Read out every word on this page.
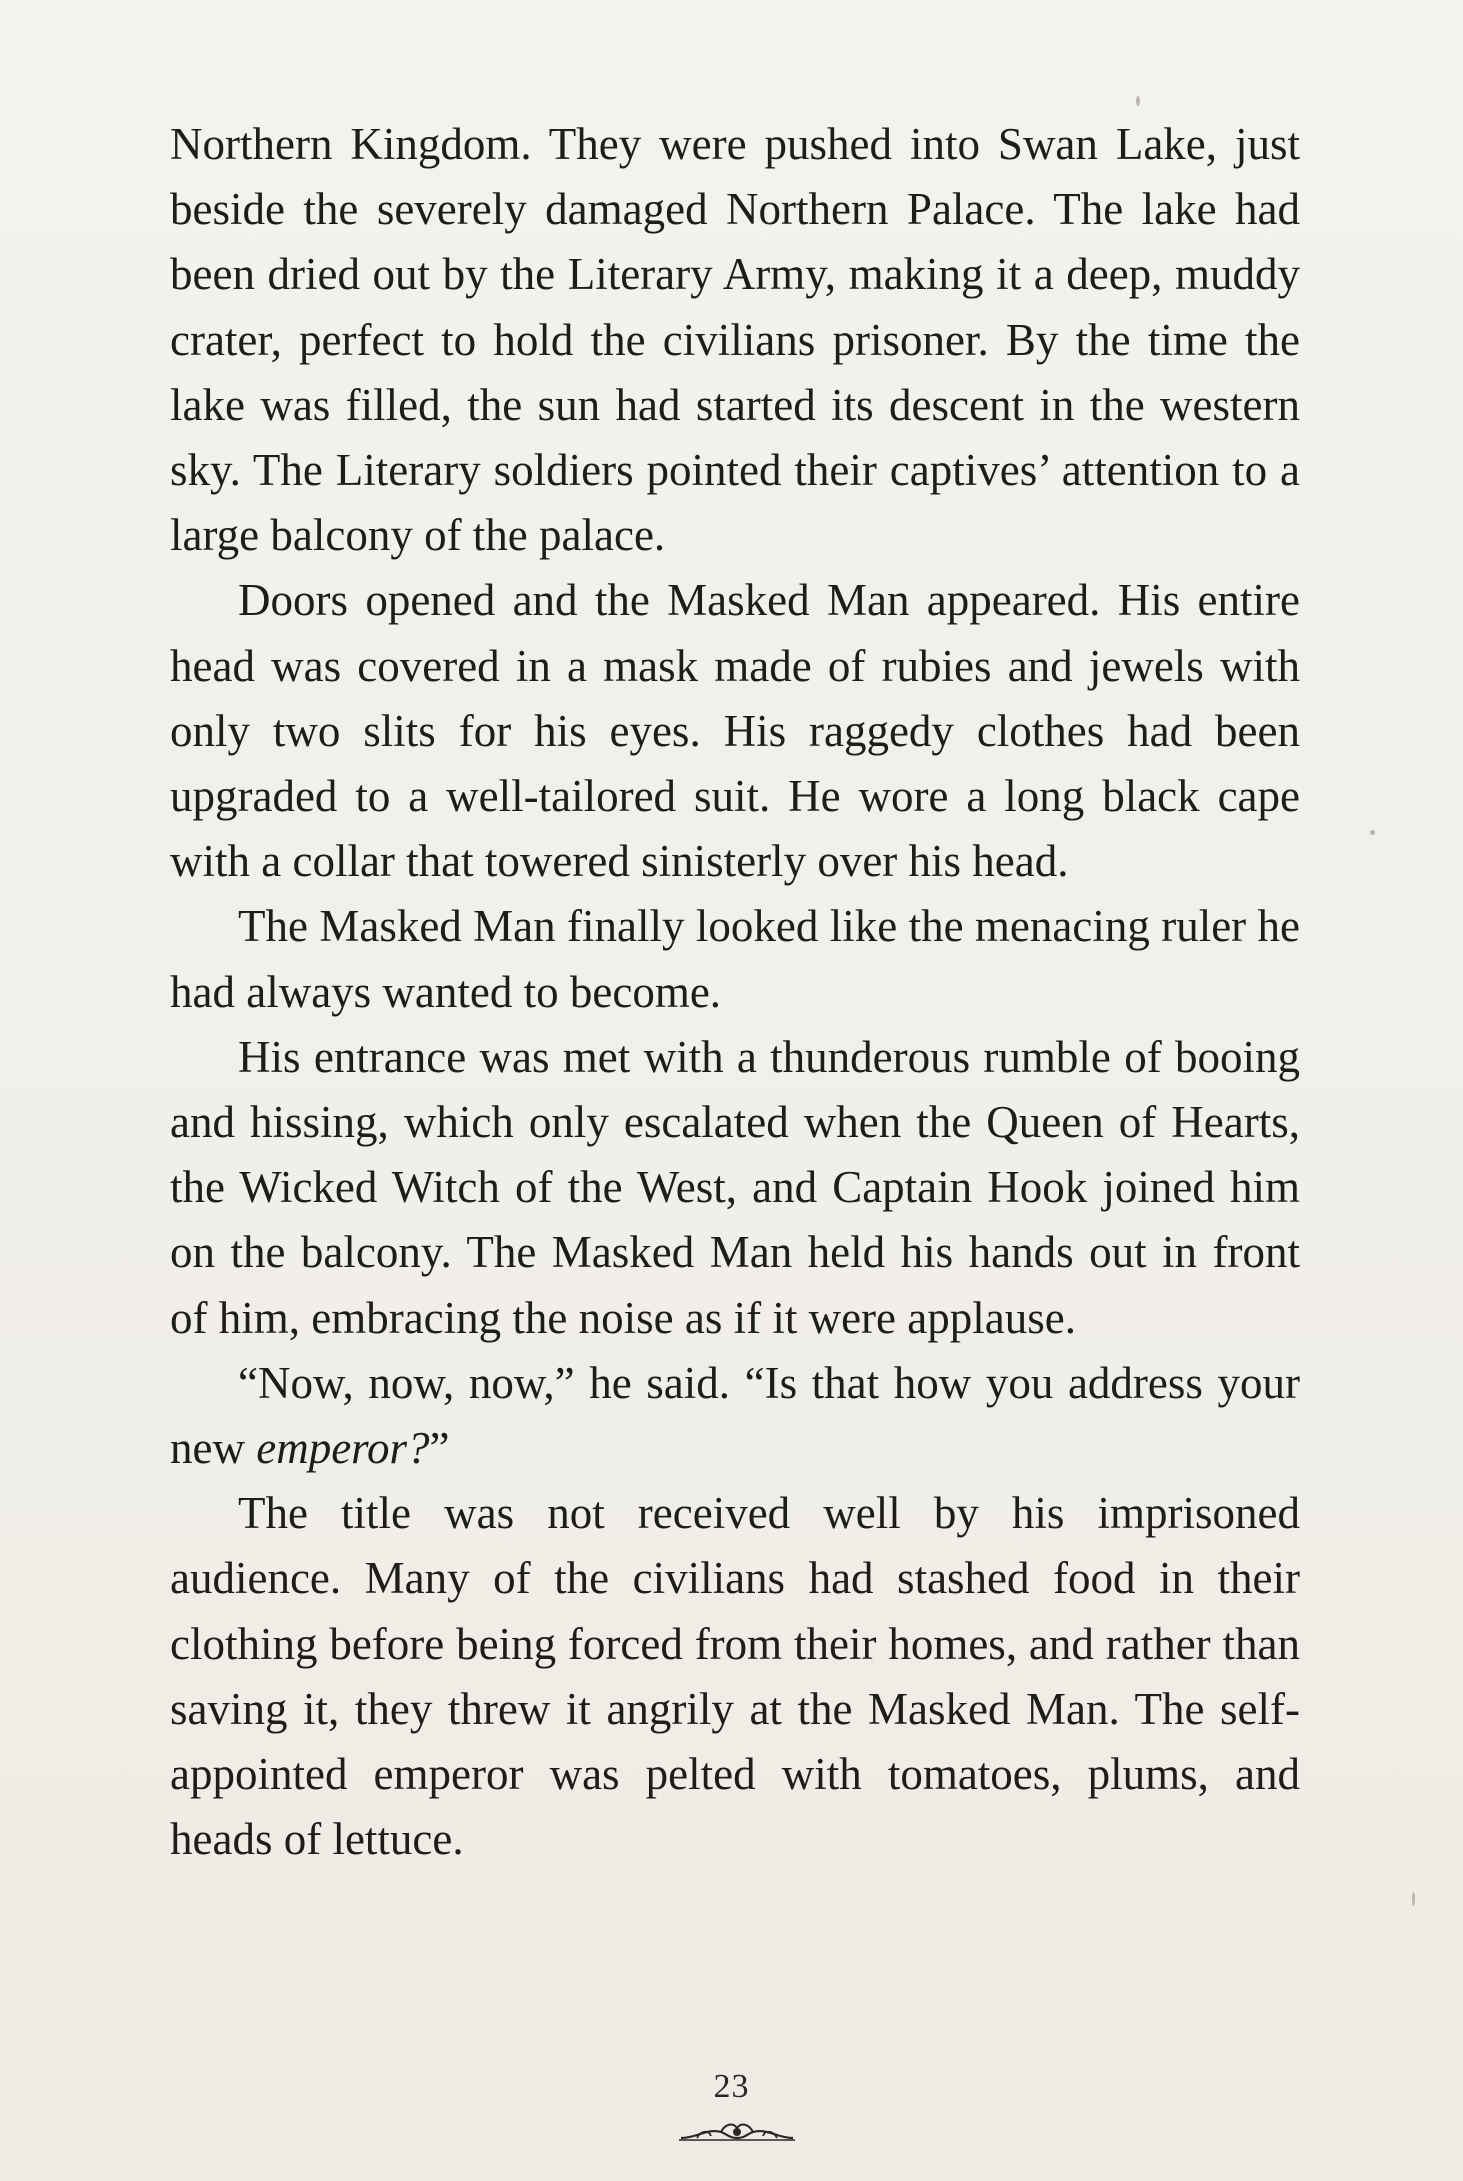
Northern Kingdom. They were pushed into Swan Lake, just beside the severely damaged Northern Palace. The lake had been dried out by the Literary Army, making it a deep, muddy crater, perfect to hold the civilians prisoner. By the time the lake was filled, the sun had started its descent in the western sky. The Literary soldiers pointed their captives’ attention to a large balcony of the palace.

Doors opened and the Masked Man appeared. His entire head was covered in a mask made of rubies and jewels with only two slits for his eyes. His raggedy clothes had been upgraded to a well-tailored suit. He wore a long black cape with a collar that towered sinisterly over his head.

The Masked Man finally looked like the menacing ruler he had always wanted to become.

His entrance was met with a thunderous rumble of booing and hissing, which only escalated when the Queen of Hearts, the Wicked Witch of the West, and Captain Hook joined him on the balcony. The Masked Man held his hands out in front of him, embracing the noise as if it were applause.

“Now, now, now,” he said. “Is that how you address your new emperor?”

The title was not received well by his imprisoned audience. Many of the civilians had stashed food in their clothing before being forced from their homes, and rather than saving it, they threw it angrily at the Masked Man. The self-appointed emperor was pelted with tomatoes, plums, and heads of lettuce.

23
